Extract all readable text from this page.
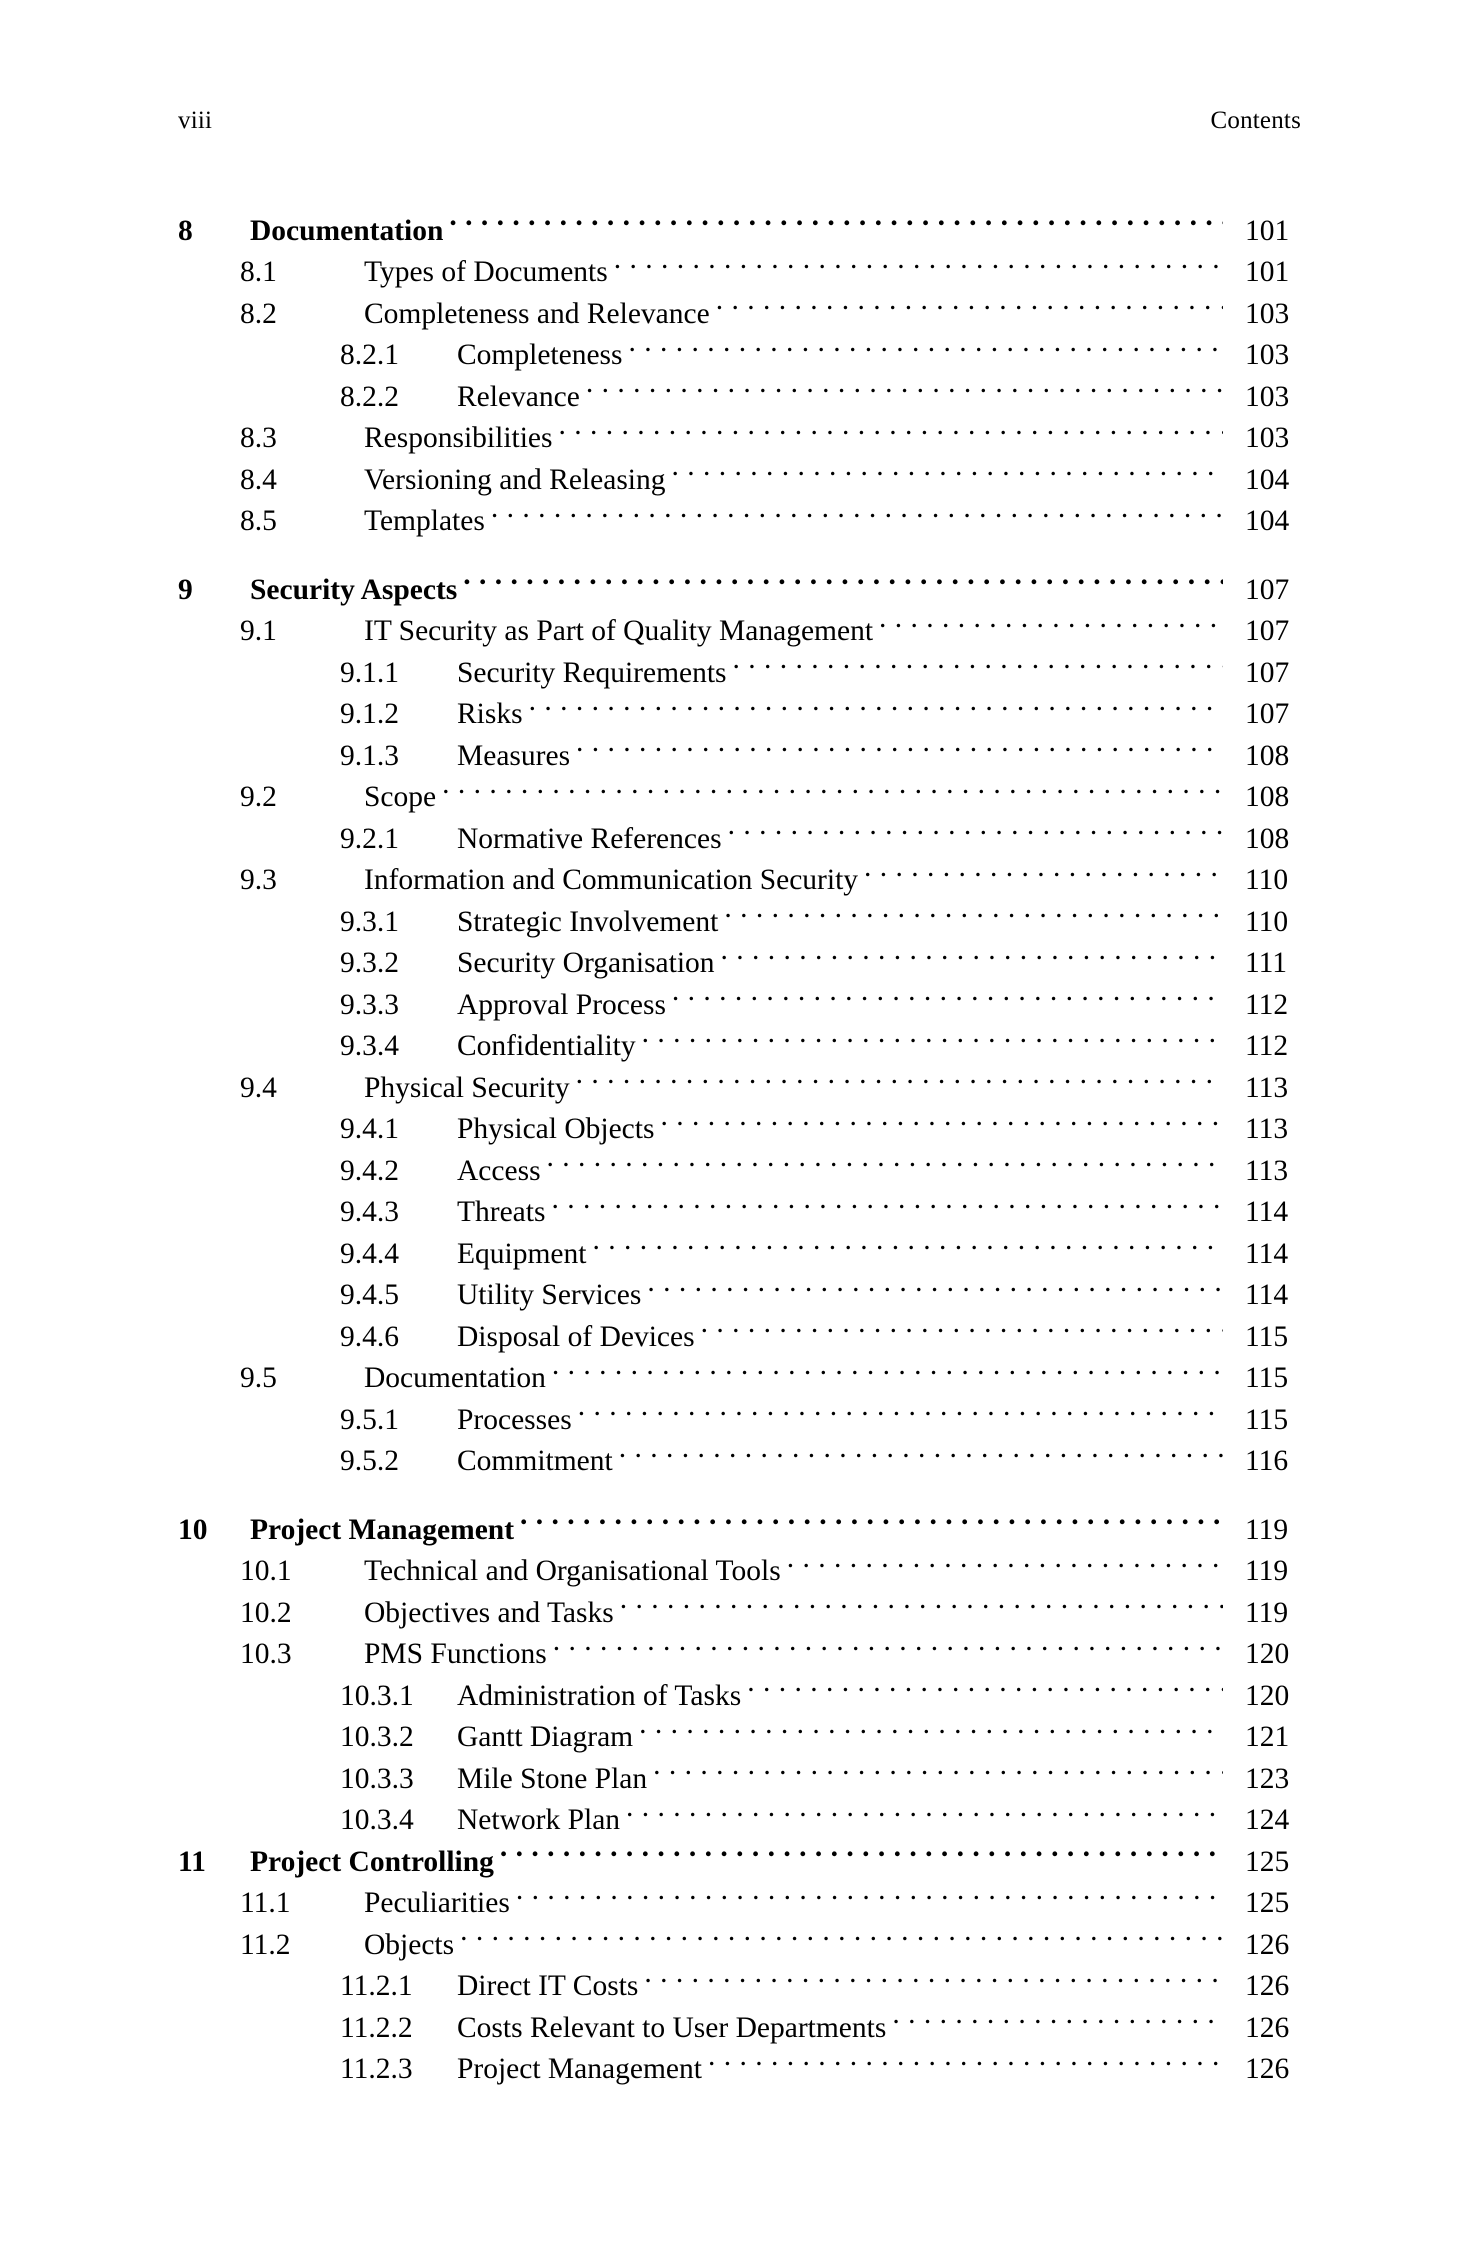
viii	Contents
8	Documentation . . .	101
8.1	Types of Documents . . .	101
8.2	Completeness and Relevance . . .	103
8.2.1	Completeness . . .	103
8.2.2	Relevance . . .	103
8.3	Responsibilities . . .	103
8.4	Versioning and Releasing . . .	104
8.5	Templates . . .	104
9	Security Aspects . . .	107
9.1	IT Security as Part of Quality Management . . .	107
9.1.1	Security Requirements . . .	107
9.1.2	Risks . . .	107
9.1.3	Measures . . .	108
9.2	Scope . . .	108
9.2.1	Normative References . . .	108
9.3	Information and Communication Security . . .	110
9.3.1	Strategic Involvement . . .	110
9.3.2	Security Organisation . . .	111
9.3.3	Approval Process . . .	112
9.3.4	Confidentiality . . .	112
9.4	Physical Security . . .	113
9.4.1	Physical Objects . . .	113
9.4.2	Access . . .	113
9.4.3	Threats . . .	114
9.4.4	Equipment . . .	114
9.4.5	Utility Services . . .	114
9.4.6	Disposal of Devices . . .	115
9.5	Documentation . . .	115
9.5.1	Processes . . .	115
9.5.2	Commitment . . .	116
10	Project Management . . .	119
10.1	Technical and Organisational Tools . . .	119
10.2	Objectives and Tasks . . .	119
10.3	PMS Functions . . .	120
10.3.1	Administration of Tasks . . .	120
10.3.2	Gantt Diagram . . .	121
10.3.3	Mile Stone Plan . . .	123
10.3.4	Network Plan . . .	124
11	Project Controlling . . .	125
11.1	Peculiarities . . .	125
11.2	Objects . . .	126
11.2.1	Direct IT Costs . . .	126
11.2.2	Costs Relevant to User Departments . . .	126
11.2.3	Project Management . . .	126
